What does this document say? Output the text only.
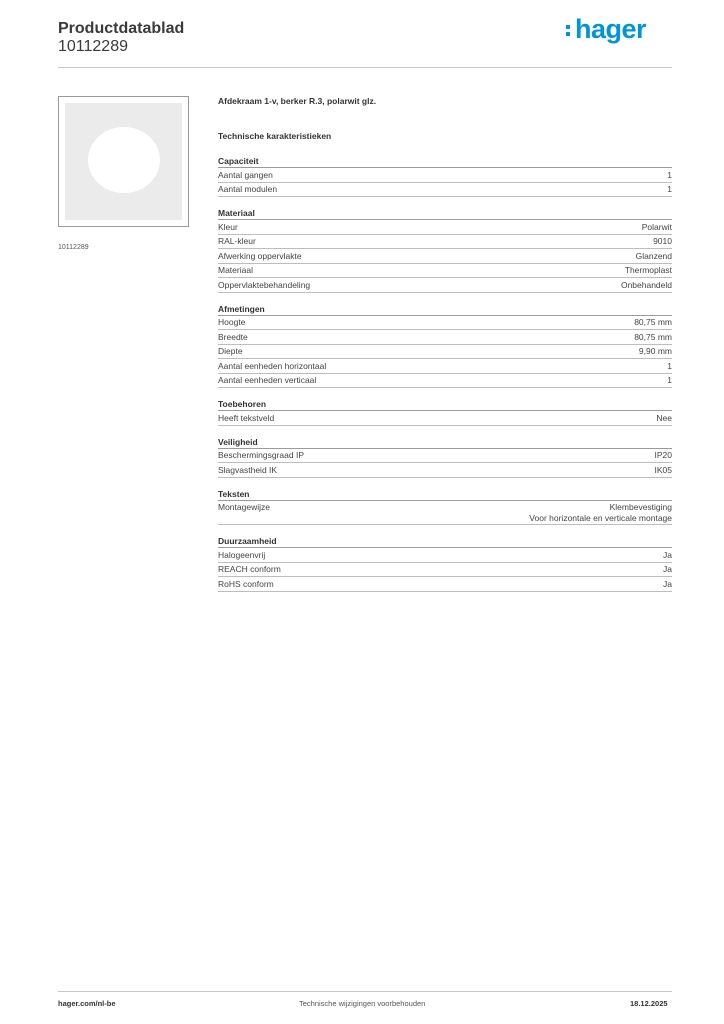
Productdatablad
10112289
hager
10112289
Afdekraam 1-v, berker R.3, polarwit glz.
Technische karakteristieken
Capaciteit
Aantal gangen	1
Aantal modulen	1
Materiaal
Kleur	Polarwit
RAL-kleur	9010
Afwerking oppervlakte	Glanzend
Materiaal	Thermoplast
Oppervlaktebehandeling	Onbehandeld
Afmetingen
Hoogte	80,75 mm
Breedte	80,75 mm
Diepte	9,90 mm
Aantal eenheden horizontaal	1
Aantal eenheden verticaal	1
Toebehoren
Heeft tekstveld	Nee
Veiligheid
Beschermingsgraad IP	IP20
Slagvastheid IK	IK05
Teksten
Montagewijze	Klembevestiging
Voor horizontale en verticale montage
Duurzaamheid
Halogeenvrij	Ja
REACH conform	Ja
RoHS conform	Ja
hager.com/nl-be	Technische wijzigingen voorbehouden	18.12.2025
